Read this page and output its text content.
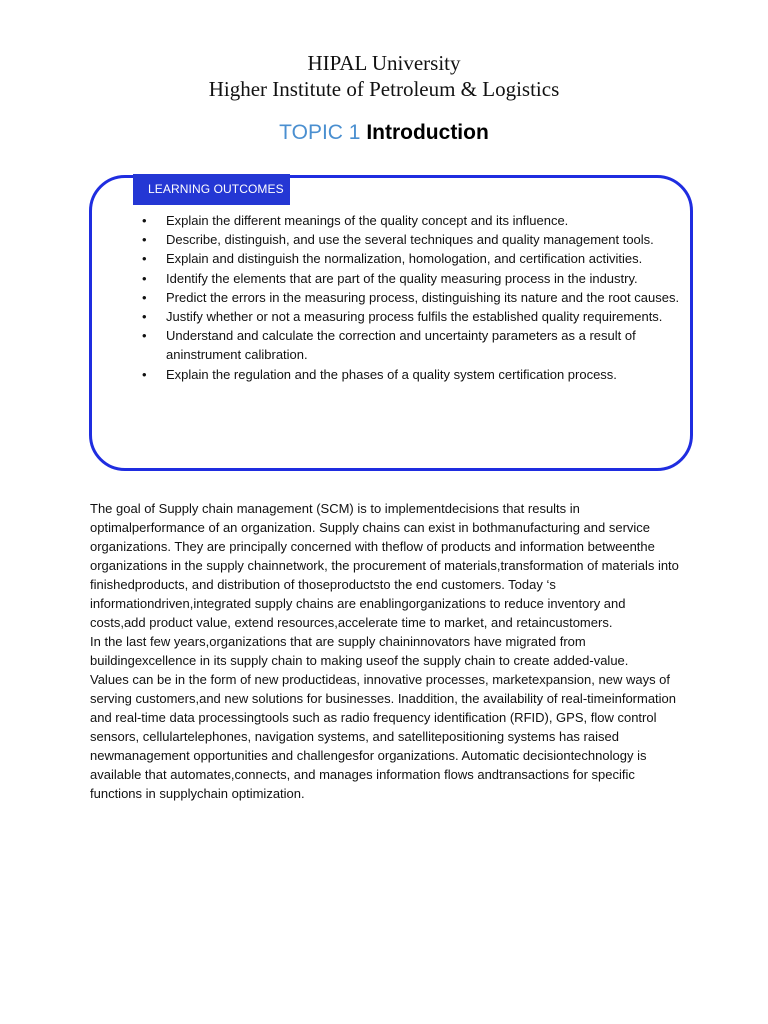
HIPAL University
Higher Institute of Petroleum & Logistics
TOPIC 1 Introduction
LEARNING OUTCOMES
• Explain the different meanings of the quality concept and its influence.
• Describe, distinguish, and use the several techniques and quality management tools.
• Explain and distinguish the normalization, homologation, and certification activities.
• Identify the elements that are part of the quality measuring process in the industry.
• Predict the errors in the measuring process, distinguishing its nature and the root causes.
• Justify whether or not a measuring process fulfils the established quality requirements.
• Understand and calculate the correction and uncertainty parameters as a result of aninstrument calibration.
• Explain the regulation and the phases of a quality system certification process.

The goal of Supply chain management (SCM) is to implementdecisions that results in optimalperformance of an organization. Supply chains can exist in bothmanufacturing and service organizations. They are principally concerned with theflow of products and information betweenthe organizations in the supply chainnetwork, the procurement of materials,transformation of materials into finishedproducts, and distribution of thoseproductsto the end customers. Today ‘s informationdriven,integrated supply chains are enablingorganizations to reduce inventory and costs,add product value, extend resources,accelerate time to market, and retaincustomers.

In the last few years,organizations that are supply chaininnovators have migrated from buildingexcellence in its supply chain to making useof the supply chain to create added-value.

Values can be in the form of new productideas, innovative processes, marketexpansion, new ways of serving customers,and new solutions for businesses. Inaddition, the availability of real-timeinformation and real-time data processingtools such as radio frequency identification (RFID), GPS, flow control sensors, cellulartelephones, navigation systems, and satellitepositioning systems has raised newmanagement opportunities and challengesfor organizations. Automatic decisiontechnology is available that automates,connects, and manages information flows andtransactions for specific functions in supplychain optimization.
